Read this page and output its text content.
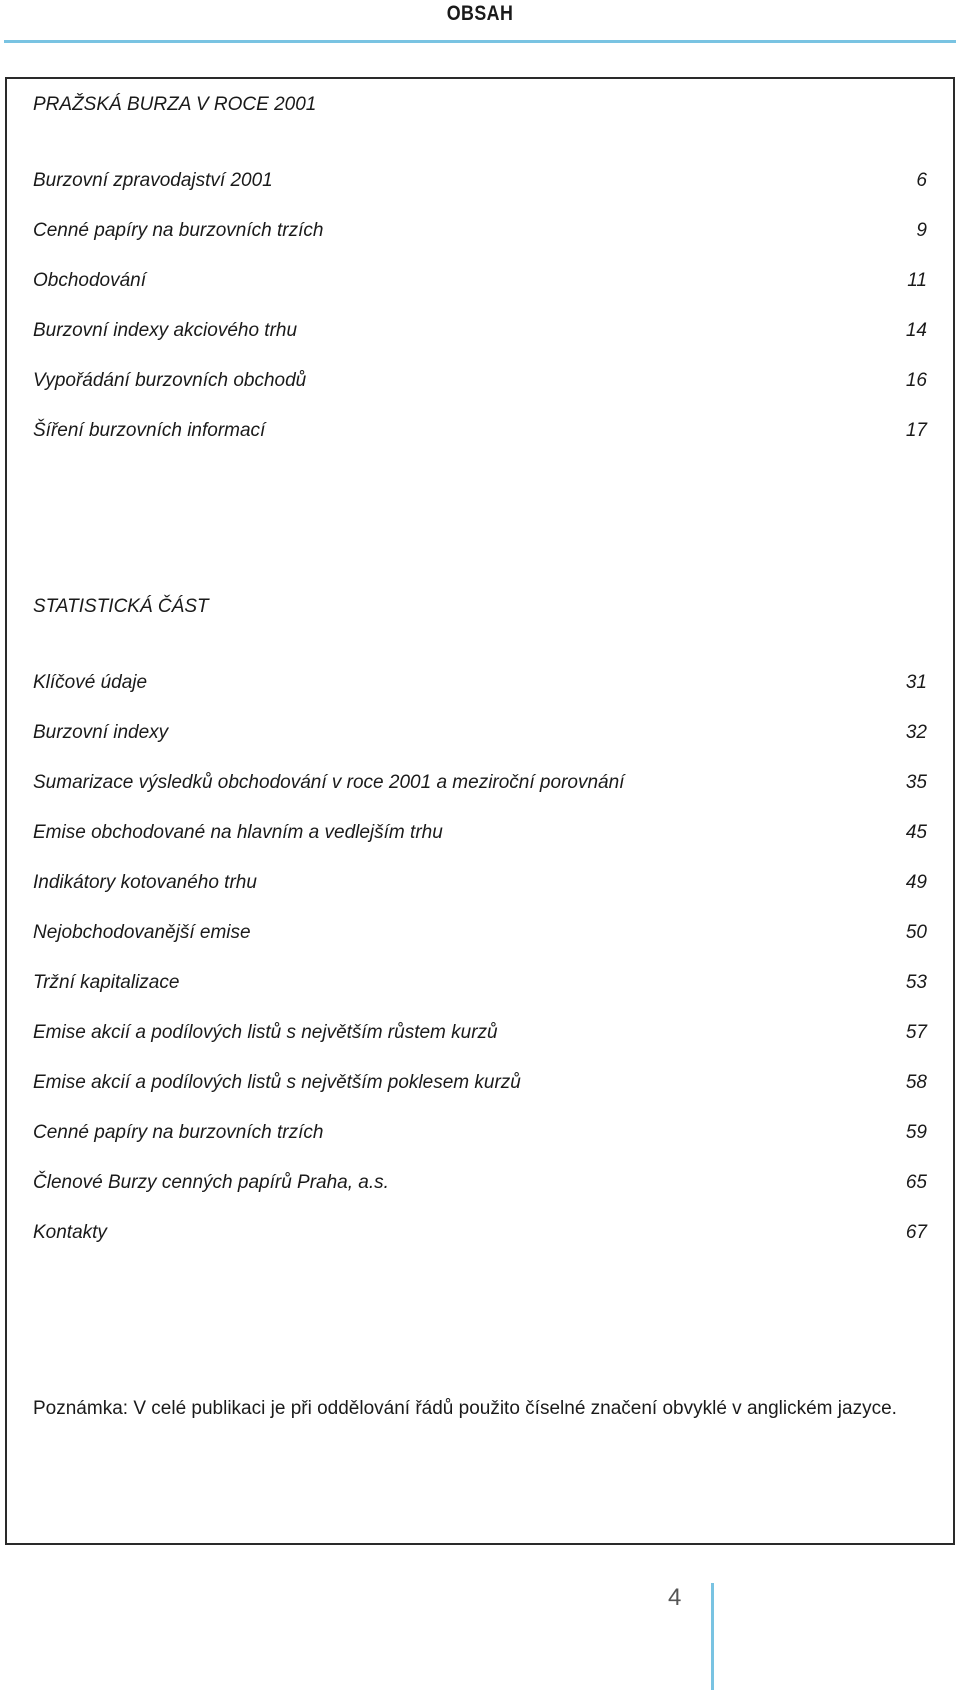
OBSAH
PRAŽSKÁ BURZA V ROCE 2001
Burzovní zpravodajství 2001	6
Cenné papíry na burzovních trzích	9
Obchodování	11
Burzovní indexy akciového trhu	14
Vypořádání burzovních obchodů	16
Šíření burzovních informací	17
STATISTICKÁ ČÁST
Klíčové údaje	31
Burzovní indexy	32
Sumarizace výsledků obchodování v roce 2001 a meziroční porovnání	35
Emise obchodované na hlavním a vedlejším trhu	45
Indikátory kotovaného trhu	49
Nejobchodovanější emise	50
Tržní kapitalizace	53
Emise akcií a podílových listů s největším růstem kurzů	57
Emise akcií a podílových listů s největším poklesem kurzů	58
Cenné papíry na burzovních trzích	59
Členové Burzy cenných papírů Praha, a.s.	65
Kontakty	67
Poznámka: V celé publikaci je při oddělování řádů použito číselné značení obvyklé v anglickém jazyce.
4
